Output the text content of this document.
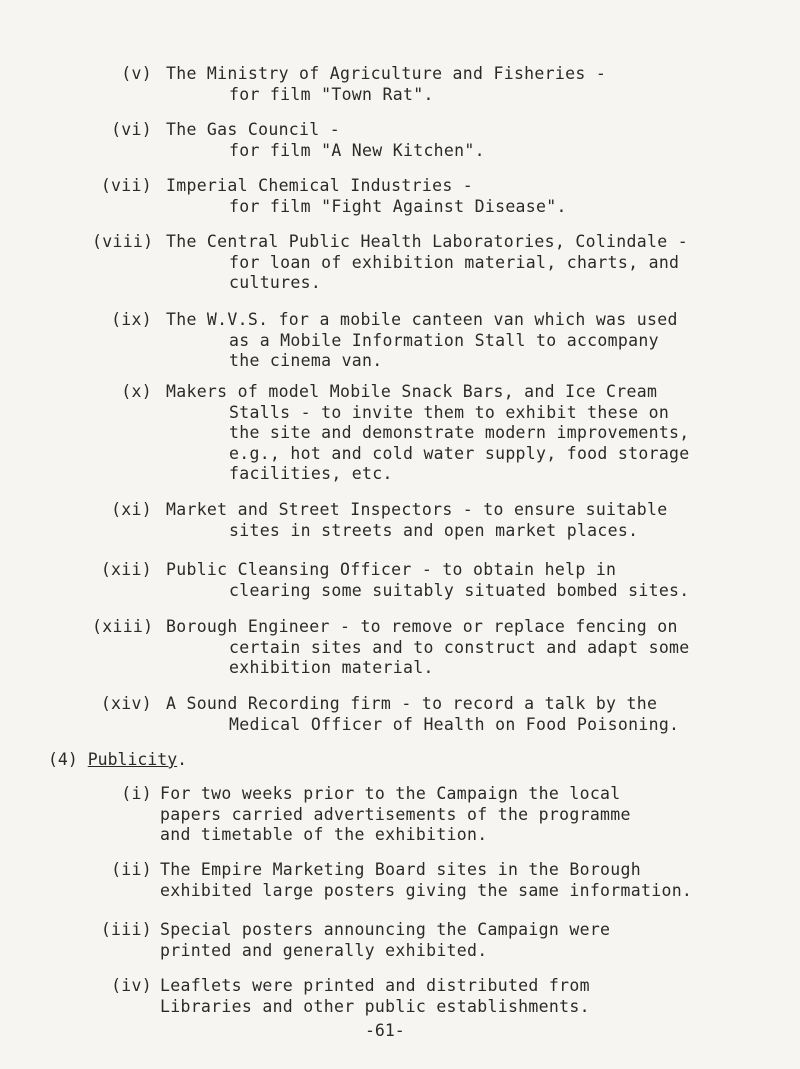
(v) The Ministry of Agriculture and Fisheries -
for film "Town Rat".
(vi) The Gas Council -
for film "A New Kitchen".
(vii) Imperial Chemical Industries -
for film "Fight Against Disease".
(viii) The Central Public Health Laboratories, Colindale -
for loan of exhibition material, charts, and
cultures.
(ix) The W.V.S. for a mobile canteen van which was used
as a Mobile Information Stall to accompany
the cinema van.
(x) Makers of model Mobile Snack Bars, and Ice Cream
Stalls - to invite them to exhibit these on
the site and demonstrate modern improvements,
e.g., hot and cold water supply, food storage
facilities, etc.
(xi) Market and Street Inspectors - to ensure suitable
sites in streets and open market places.
(xii) Public Cleansing Officer - to obtain help in
clearing some suitably situated bombed sites.
(xiii) Borough Engineer - to remove or replace fencing on
certain sites and to construct and adapt some
exhibition material.
(xiv) A Sound Recording firm - to record a talk by the
Medical Officer of Health on Food Poisoning.
(4) Publicity.
(i) For two weeks prior to the Campaign the local
papers carried advertisements of the programme
and timetable of the exhibition.
(ii) The Empire Marketing Board sites in the Borough
exhibited large posters giving the same information.
(iii) Special posters announcing the Campaign were
printed and generally exhibited.
(iv) Leaflets were printed and distributed from
Libraries and other public establishments.
-61-
